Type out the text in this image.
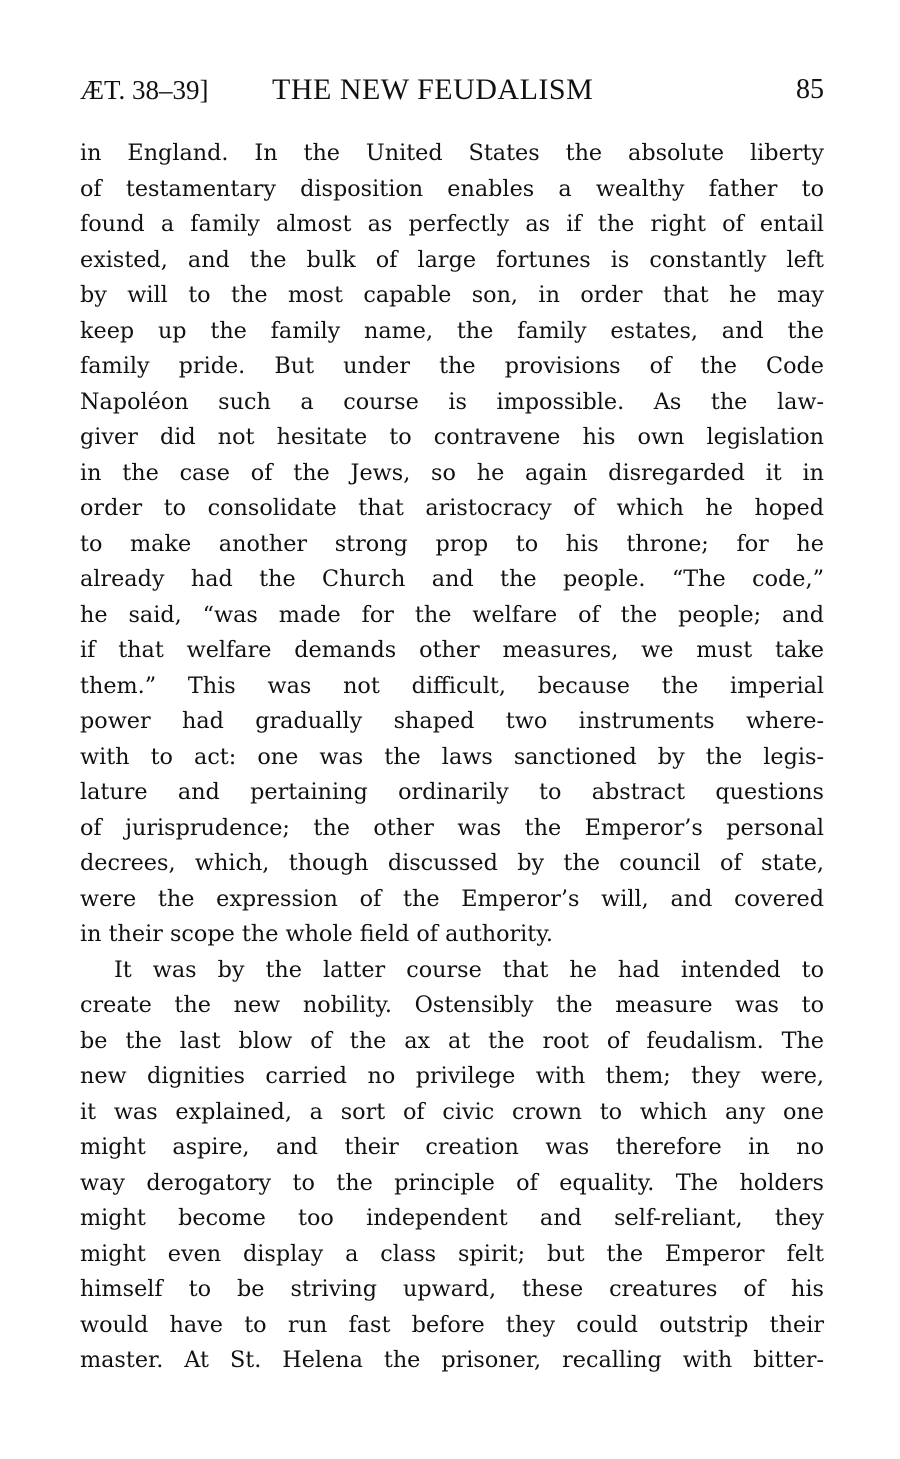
ÆT. 38–39] THE NEW FEUDALISM	85
in England. In the United States the absolute liberty
of testamentary disposition enables a wealthy father to
found a family almost as perfectly as if the right of entail
existed, and the bulk of large fortunes is constantly left
by will to the most capable son, in order that he may
keep up the family name, the family estates, and the
family pride. But under the provisions of the Code
Napoléon such a course is impossible. As the law-
giver did not hesitate to contravene his own legislation
in the case of the Jews, so he again disregarded it in
order to consolidate that aristocracy of which he hoped
to make another strong prop to his throne; for he
already had the Church and the people. “The code,”
he said, “was made for the welfare of the people; and
if that welfare demands other measures, we must take
them.” This was not difficult, because the imperial
power had gradually shaped two instruments where-
with to act: one was the laws sanctioned by the legis-
lature and pertaining ordinarily to abstract questions
of jurisprudence; the other was the Emperor’s personal
decrees, which, though discussed by the council of state,
were the expression of the Emperor’s will, and covered
in their scope the whole field of authority.
It was by the latter course that he had intended to
create the new nobility. Ostensibly the measure was to
be the last blow of the ax at the root of feudalism. The
new dignities carried no privilege with them; they were,
it was explained, a sort of civic crown to which any one
might aspire, and their creation was therefore in no
way derogatory to the principle of equality. The holders
might become too independent and self-reliant, they
might even display a class spirit; but the Emperor felt
himself to be striving upward, these creatures of his
would have to run fast before they could outstrip their
master. At St. Helena the prisoner, recalling with bitter-
